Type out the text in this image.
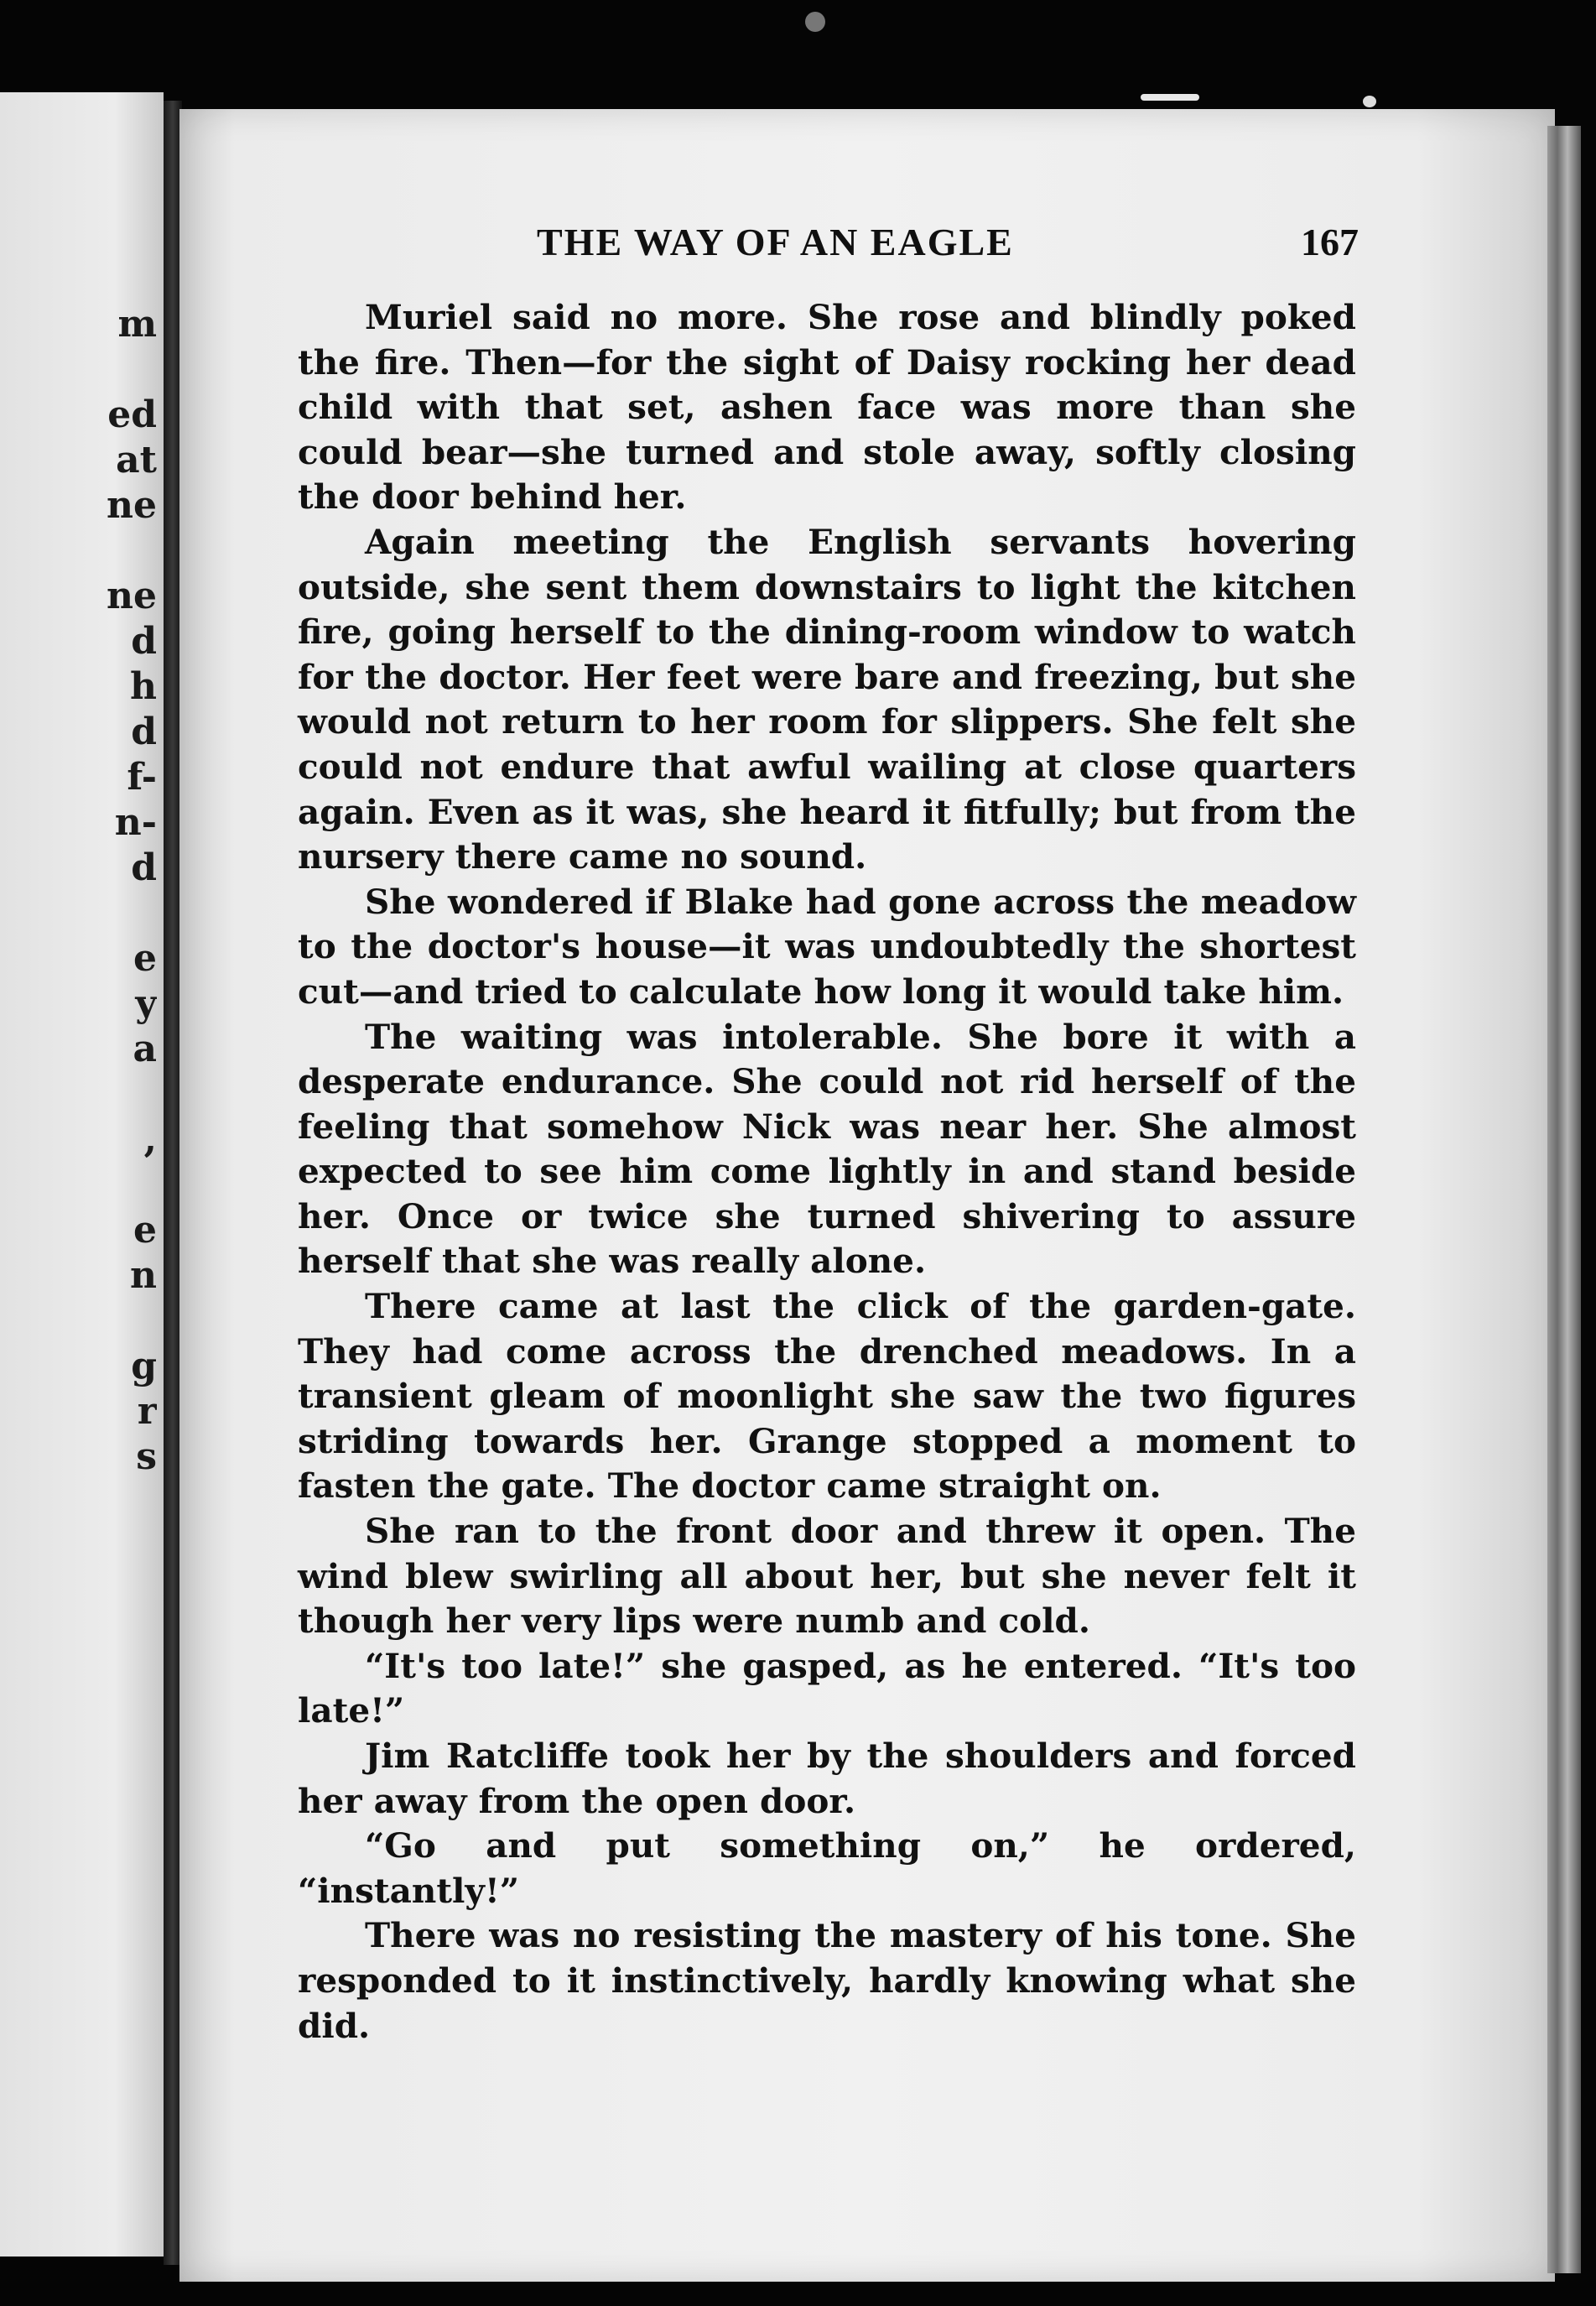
m
ed
at
ne
ne
d
h
d
f-
n-
d
e
y
a
,
e
n
g
r
s
THE WAY OF AN EAGLE	167

Muriel said no more. She rose and blindly poked the fire. Then—for the sight of Daisy rocking her dead child with that set, ashen face was more than she could bear—she turned and stole away, softly closing the door behind her.

Again meeting the English servants hovering outside, she sent them downstairs to light the kitchen fire, going herself to the dining-room window to watch for the doctor. Her feet were bare and freezing, but she would not return to her room for slippers. She felt she could not endure that awful wailing at close quarters again. Even as it was, she heard it fitfully; but from the nursery there came no sound.

She wondered if Blake had gone across the meadow to the doctor's house—it was undoubtedly the shortest cut—and tried to calculate how long it would take him.

The waiting was intolerable. She bore it with a desperate endurance. She could not rid herself of the feeling that somehow Nick was near her. She almost expected to see him come lightly in and stand beside her. Once or twice she turned shivering to assure herself that she was really alone.

There came at last the click of the garden-gate. They had come across the drenched meadows. In a transient gleam of moonlight she saw the two figures striding towards her. Grange stopped a moment to fasten the gate. The doctor came straight on.

She ran to the front door and threw it open. The wind blew swirling all about her, but she never felt it though her very lips were numb and cold.

“It's too late!” she gasped, as he entered. “It's too late!”

Jim Ratcliffe took her by the shoulders and forced her away from the open door.

“Go and put something on,” he ordered, “instantly!”

There was no resisting the mastery of his tone. She responded to it instinctively, hardly knowing what she did.
